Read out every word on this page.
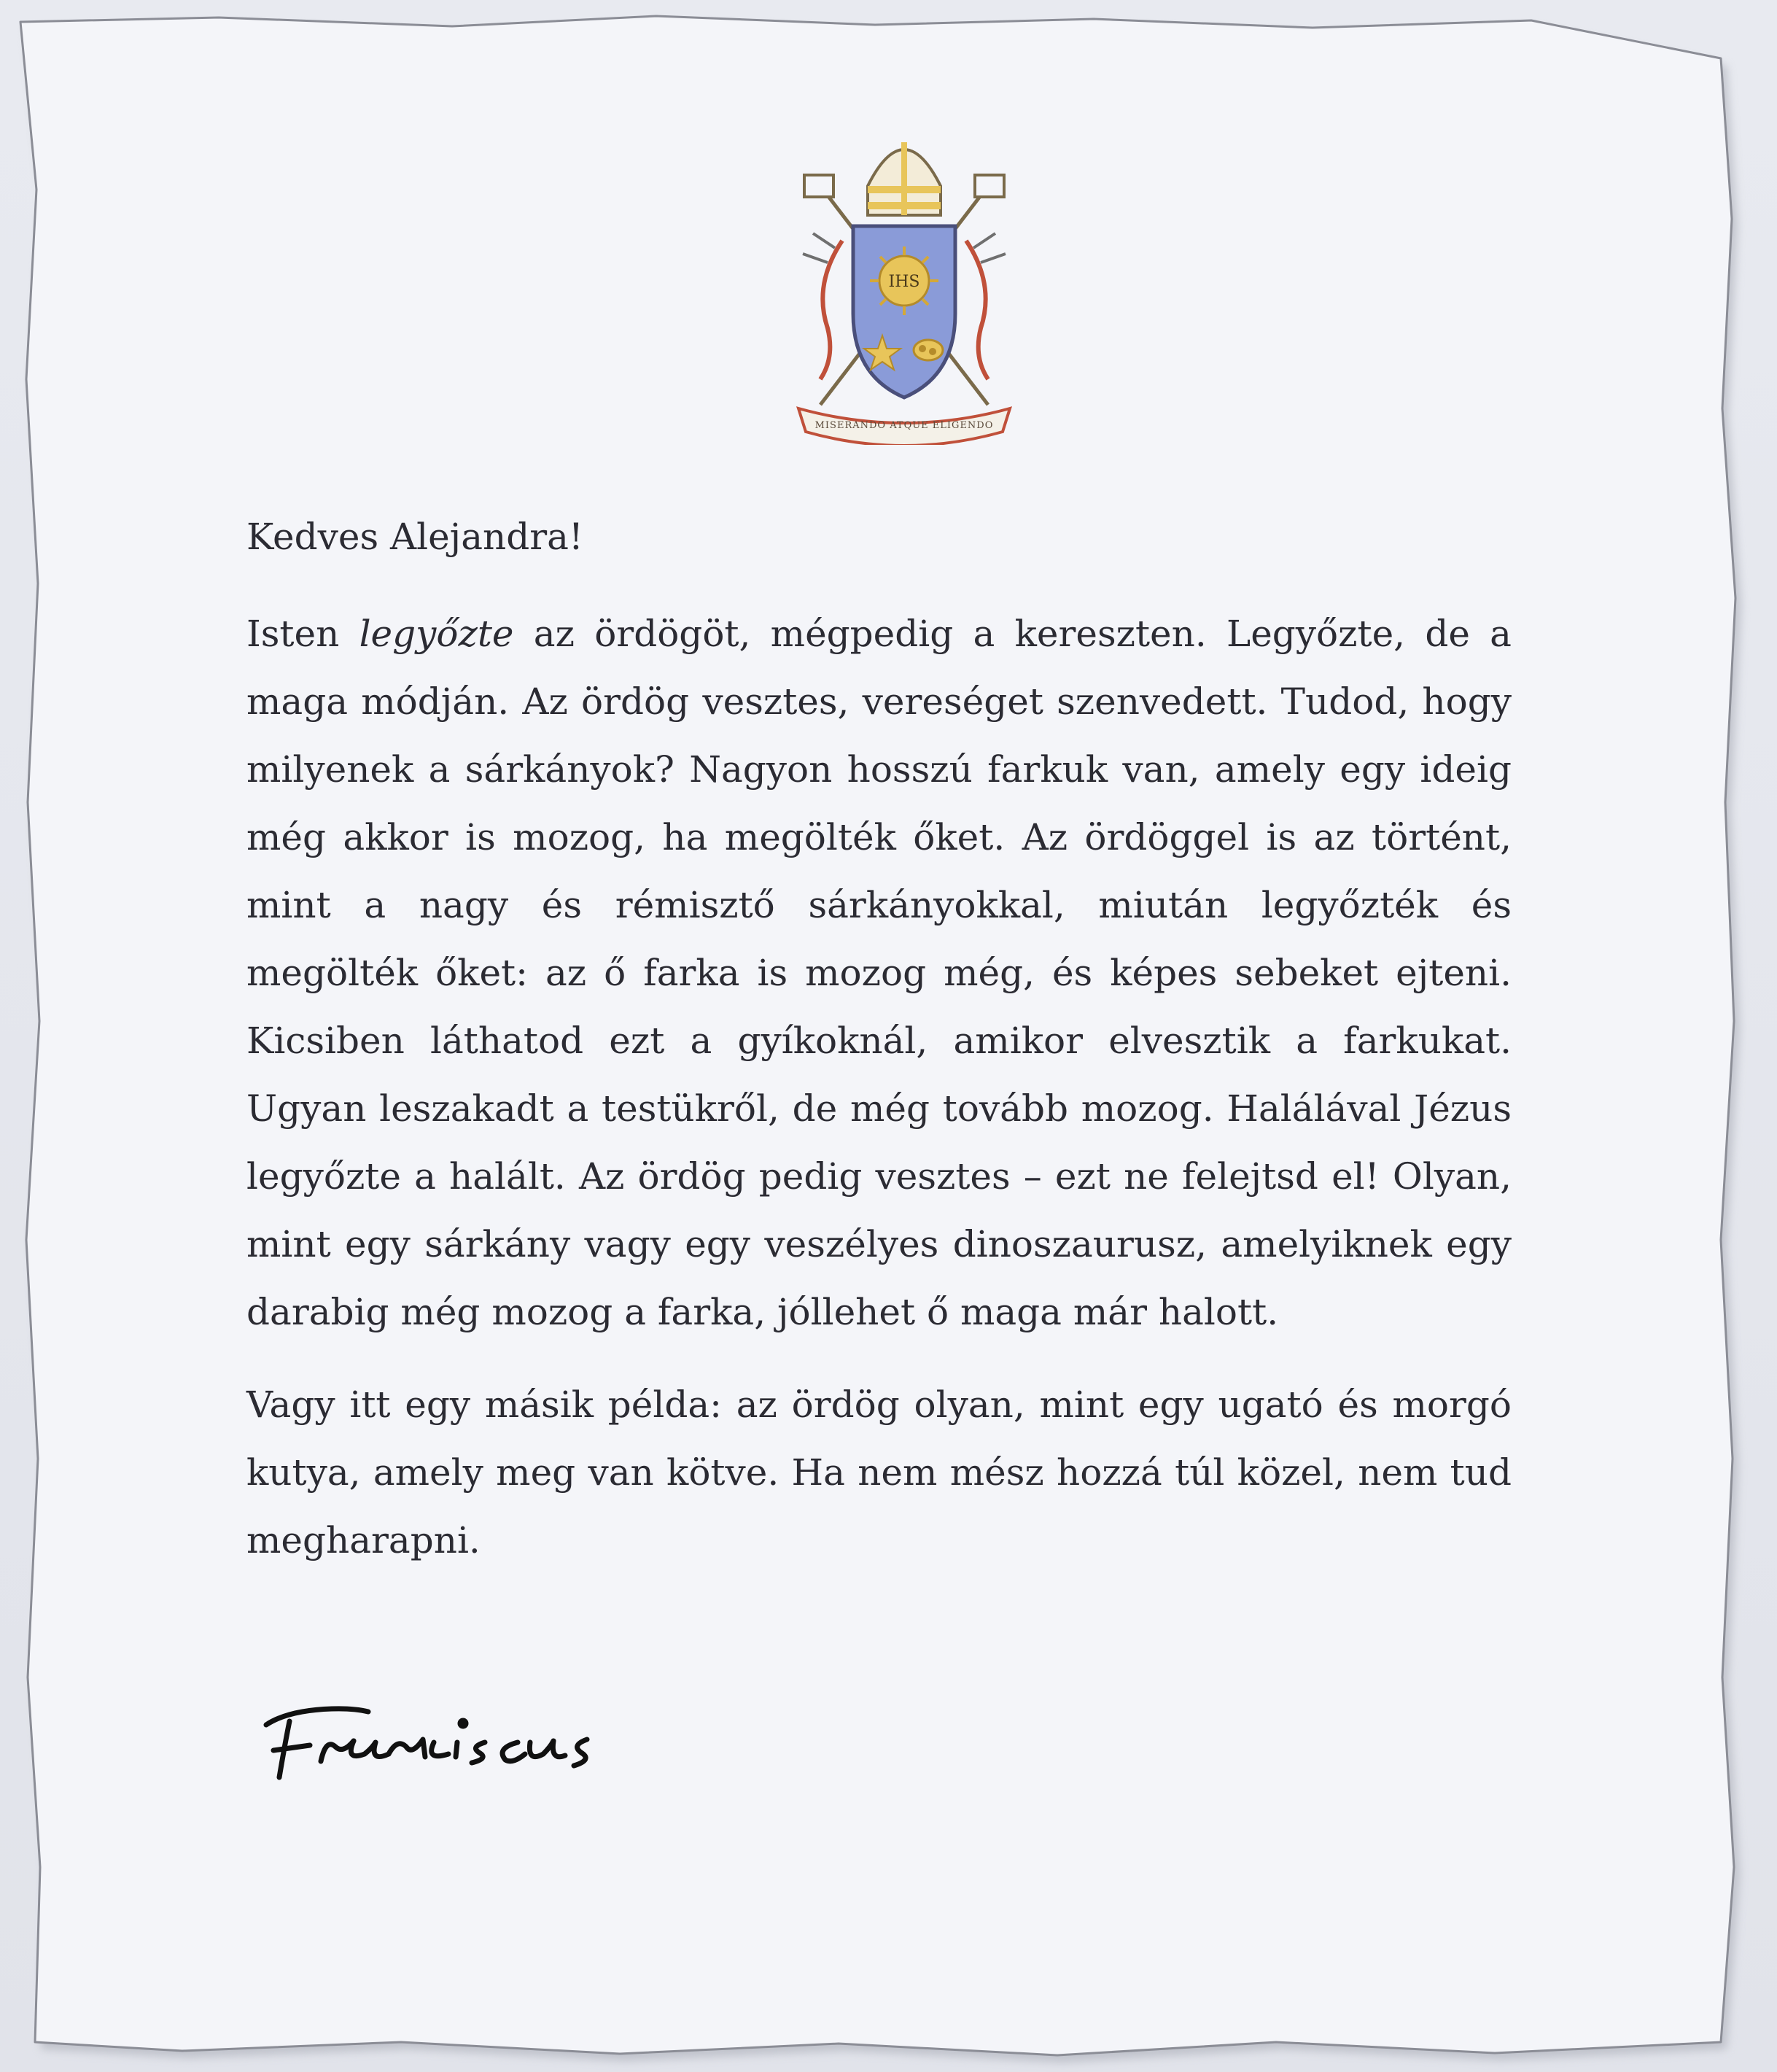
IHS
MISERANDO ATQUE ELIGENDO

Kedves Alejandra!

Isten legyőzte az ördögöt, mégpedig a kereszten. Legyőzte, de a maga módján. Az ördög vesztes, vereséget szenvedett. Tudod, hogy milyenek a sárkányok? Nagyon hosszú farkuk van, amely egy ideig még akkor is mozog, ha megölték őket. Az ördöggel is az történt, mint a nagy és rémisztő sárkányokkal, miután legyőzték és megölték őket: az ő farka is mozog még, és képes sebeket ejteni. Kicsiben láthatod ezt a gyíkoknál, amikor elvesztik a farkukat. Ugyan leszakadt a testükről, de még tovább mozog. Halálával Jézus legyőzte a halált. Az ördög pedig vesztes – ezt ne felejtsd el! Olyan, mint egy sárkány vagy egy veszélyes dinoszaurusz, amelyiknek egy darabig még mozog a farka, jóllehet ő maga már halott.

Vagy itt egy másik példa: az ördög olyan, mint egy ugató és morgó kutya, amely meg van kötve. Ha nem mész hozzá túl közel, nem tud megharapni.
